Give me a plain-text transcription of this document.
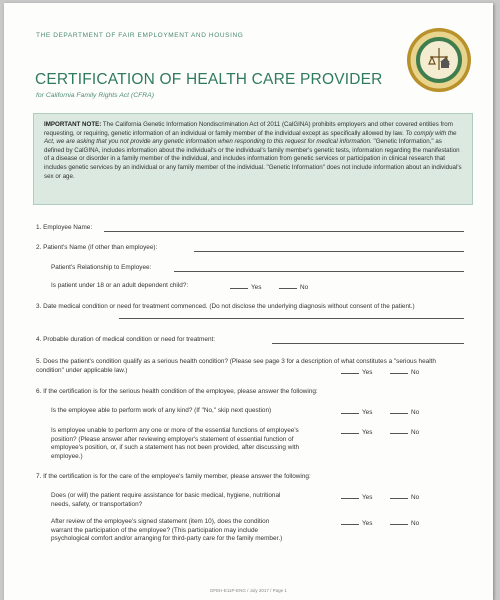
THE DEPARTMENT OF FAIR EMPLOYMENT AND HOUSING
CERTIFICATION OF HEALTH CARE PROVIDER
for California Family Rights Act (CFRA)
IMPORTANT NOTE: The California Genetic Information Nondiscrimination Act of 2011 (CalGINA) prohibits employers and other covered entities from requesting, or requiring, genetic information of an individual or family member of the individual except as specifically allowed by law. To comply with the Act, we are asking that you not provide any genetic information when responding to this request for medical information. "Genetic Information," as defined by CalGINA, includes information about the individual's or the individual's family member's genetic tests, information regarding the manifestation of a disease or disorder in a family member of the individual, and includes information from genetic services or participation in clinical research that includes genetic services by an individual or any family member of the individual. "Genetic Information" does not include information about an individual's sex or age.
1. Employee Name:
2. Patient's Name (if other than employee):
Patient's Relationship to Employee:
Is patient under 18 or an adult dependent child?:	Yes	No
3. Date medical condition or need for treatment commenced. (Do not disclose the underlying diagnosis without consent of the patient.)
4. Probable duration of medical condition or need for treatment:
5. Does the patient's condition qualify as a serious health condition? (Please see page 3 for a description of what constitutes a "serious health condition" under applicable law.)	Yes	No
6. If the certification is for the serious health condition of the employee, please answer the following:
Is the employee able to perform work of any kind? (If "No," skip next question)	Yes	No
Is employee unable to perform any one or more of the essential functions of employee's position? (Please answer after reviewing employer's statement of essential function of employee's position, or, if such a statement has not been provided, after discussing with employee.)
Yes	No
7. If the certification is for the care of the employee's family member, please answer the following:
Does (or will) the patient require assistance for basic medical, hygiene, nutritional needs, safety, or transportation?
Yes	No
After review of the employee's signed statement (item 10), does the condition warrant the participation of the employee? (This participation may include psychological comfort and/or arranging for third-party care for the family member.)
Yes	No
DFEH-E11P-ENG / July 2017 / Page 1
